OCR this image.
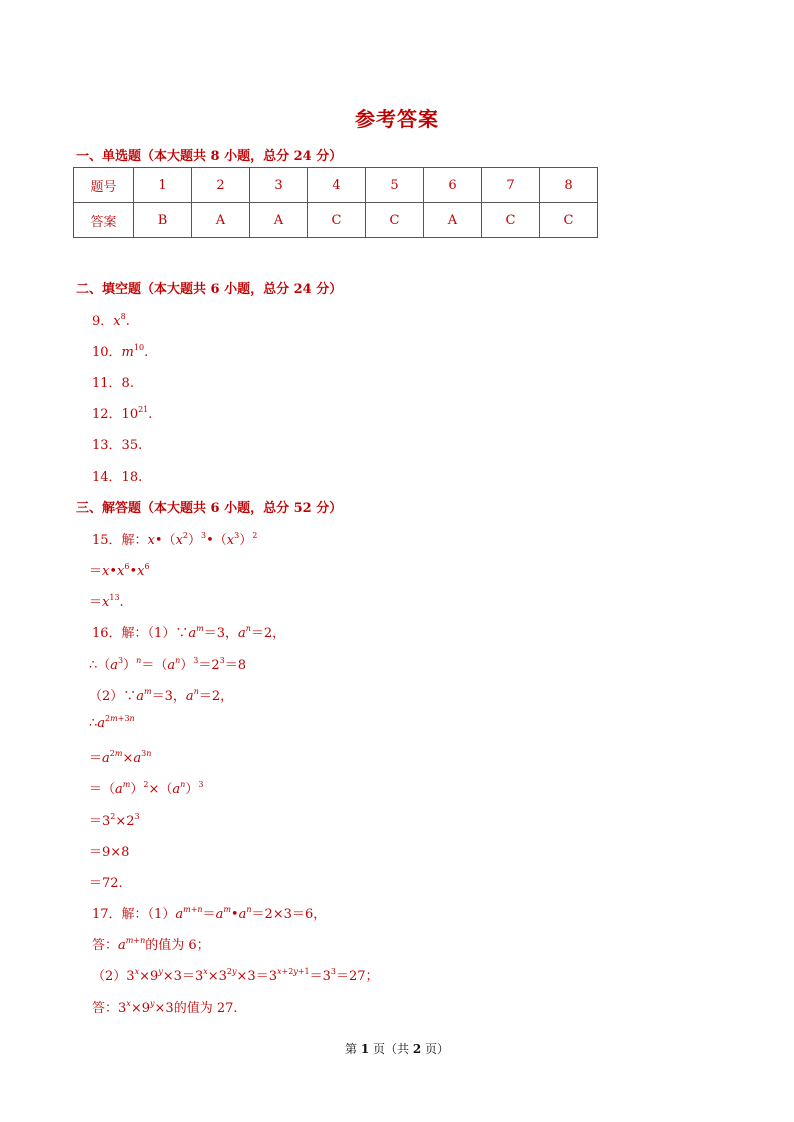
参考答案
一、单选题（本大题共 8 小题，总分 24 分）
题号	1	2	3	4	5	6	7	8
答案	B	A	A	C	C	A	C	C
二、填空题（本大题共 6 小题，总分 24 分）
9．$x^8$.
10．$m^{10}$.
11．8.
12．$10^{21}$.
13．35.
14．18.
三、解答题（本大题共 6 小题，总分 52 分）
15．解：$x•(x^2)^3•(x^3)^2$
$=x•x^6•x^6$
$=x^{13}$.
16．解：$(1)\because a^m=3$，$a^n=2$，
$\therefore(a^3)^n=(a^n)^3=2^3=8$
$(2)\because a^m=3$，$a^n=2$，
$\therefore a^{2m+3n}$
$=a^{2m}\times a^{3n}$
$=(a^m)^2\times(a^n)^3$
$=3^2\times 2^3$
＝9×8
＝72.
17．解：$(1)a^{m+n}=a^m•a^n=2\times 3=6$，
答：$a^{m+n}$的值为 6；
$(2)3^x\times 9^y\times 3=3^x\times 3^{2y}\times 3=3^{x+2y+1}=3^3=27$；
答：$3^x\times 9^y\times 3$的值为 27.
第 1 页（共 2 页）
